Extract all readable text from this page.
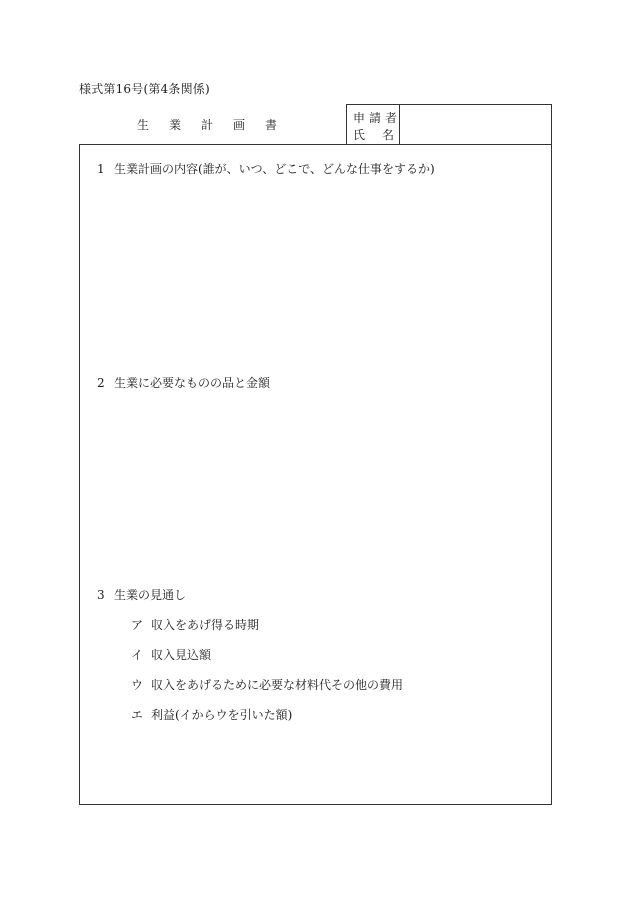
様式第16号(第4条関係)
生業計画書	申請者
氏名
1 生業計画の内容(誰が、いつ、どこで、どんな仕事をするか)
2 生業に必要なものの品と金額
3 生業の見通し
ア 収入をあげ得る時期
イ 収入見込額
ウ 収入をあげるために必要な材料代その他の費用
エ 利益(イからウを引いた額)
